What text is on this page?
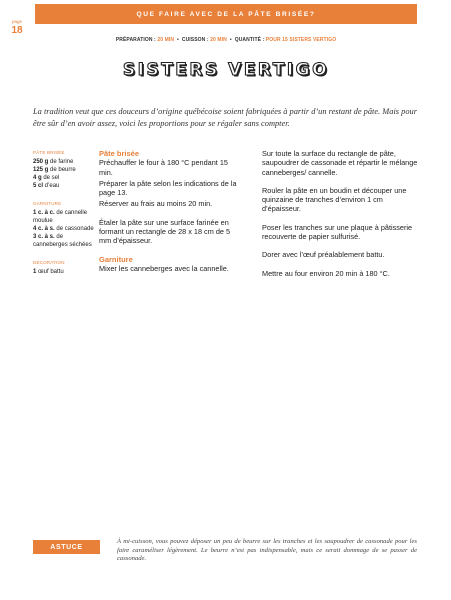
page
18
QUE FAIRE AVEC DE LA PÂTE BRISÉE?
PRÉPARATION : 20 MIN  •  CUISSON : 20 MIN  •  QUANTITÉ : POUR 15 SISTERS VERTIGO
SISTERS VERTIGO
La tradition veut que ces douceurs d’origine québécoise soient fabriquées à partir d’un restant de pâte. Mais pour être sûr d’en avoir assez, voici les proportions pour se régaler sans compter.
PÂTE BRISÉE
250 g de farine
125 g de beurre
4 g de sel
5 cl d’eau
GARNITURE
1 c. à c. de cannelle moulue
4 c. à s. de cassonade
3 c. à s. de canneberges séchées
DÉCORATION
1 œuf battu
Pâte brisée

Préchauffer le four à 180 °C pendant 15 min.

Préparer la pâte selon les indications de la page 13.

Réserver au frais au moins 20 min.

Étaler la pâte sur une surface farinée en formant un rectangle de 28 x 18 cm de 5 mm d’épaisseur.

Garniture

Mixer les canneberges avec la cannelle.

Sur toute la surface du rectangle de pâte, saupoudrer de cassonade et répartir le mélange canneberges/ cannelle.

Rouler la pâte en un boudin et découper une quinzaine de tranches d’environ 1 cm d’épaisseur.

Poser les tranches sur une plaque à pâtisserie recouverte de papier sulfurisé.

Dorer avec l’œuf préalablement battu.

Mettre au four environ 20 min à 180 °C.

ASTUCE
À mi-cuisson, vous pouvez déposer un peu de beurre sur les tranches et les saupoudrer de cassonade pour les faire caraméliser légèrement. Le beurre n’est pas indispensable, mais ce serait dommage de se passer de cassonade.
